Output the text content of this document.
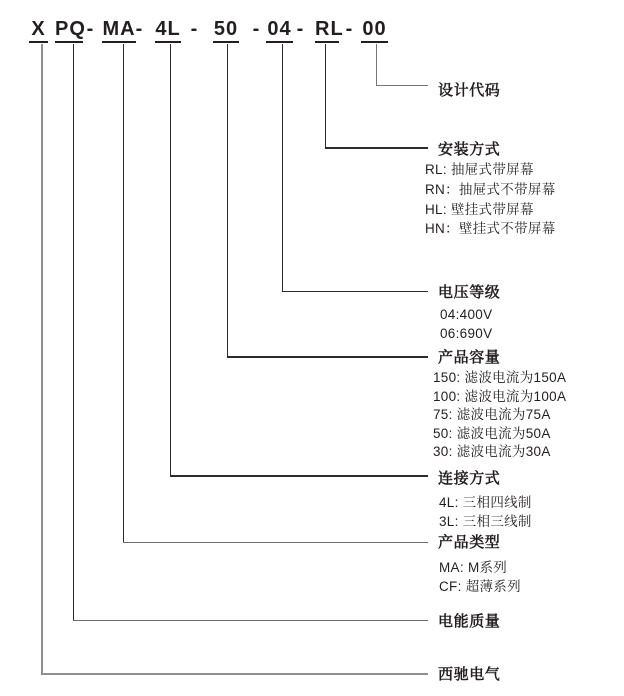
X PQ - MA - 4L - 50 - 04 - RL - 00
设计代码
安装方式
电压等级
产品容量
连接方式
产品类型
电能质量
西驰电气
RL: 抽屉式带屏幕
RN：抽屉式不带屏幕
HL: 壁挂式带屏幕
HN：壁挂式不带屏幕
04:400V
06:690V
150: 滤波电流为150A
100: 滤波电流为100A
75: 滤波电流为75A
50: 滤波电流为50A
30: 滤波电流为30A
4L: 三相四线制
3L: 三相三线制
MA: M系列
CF: 超薄系列
